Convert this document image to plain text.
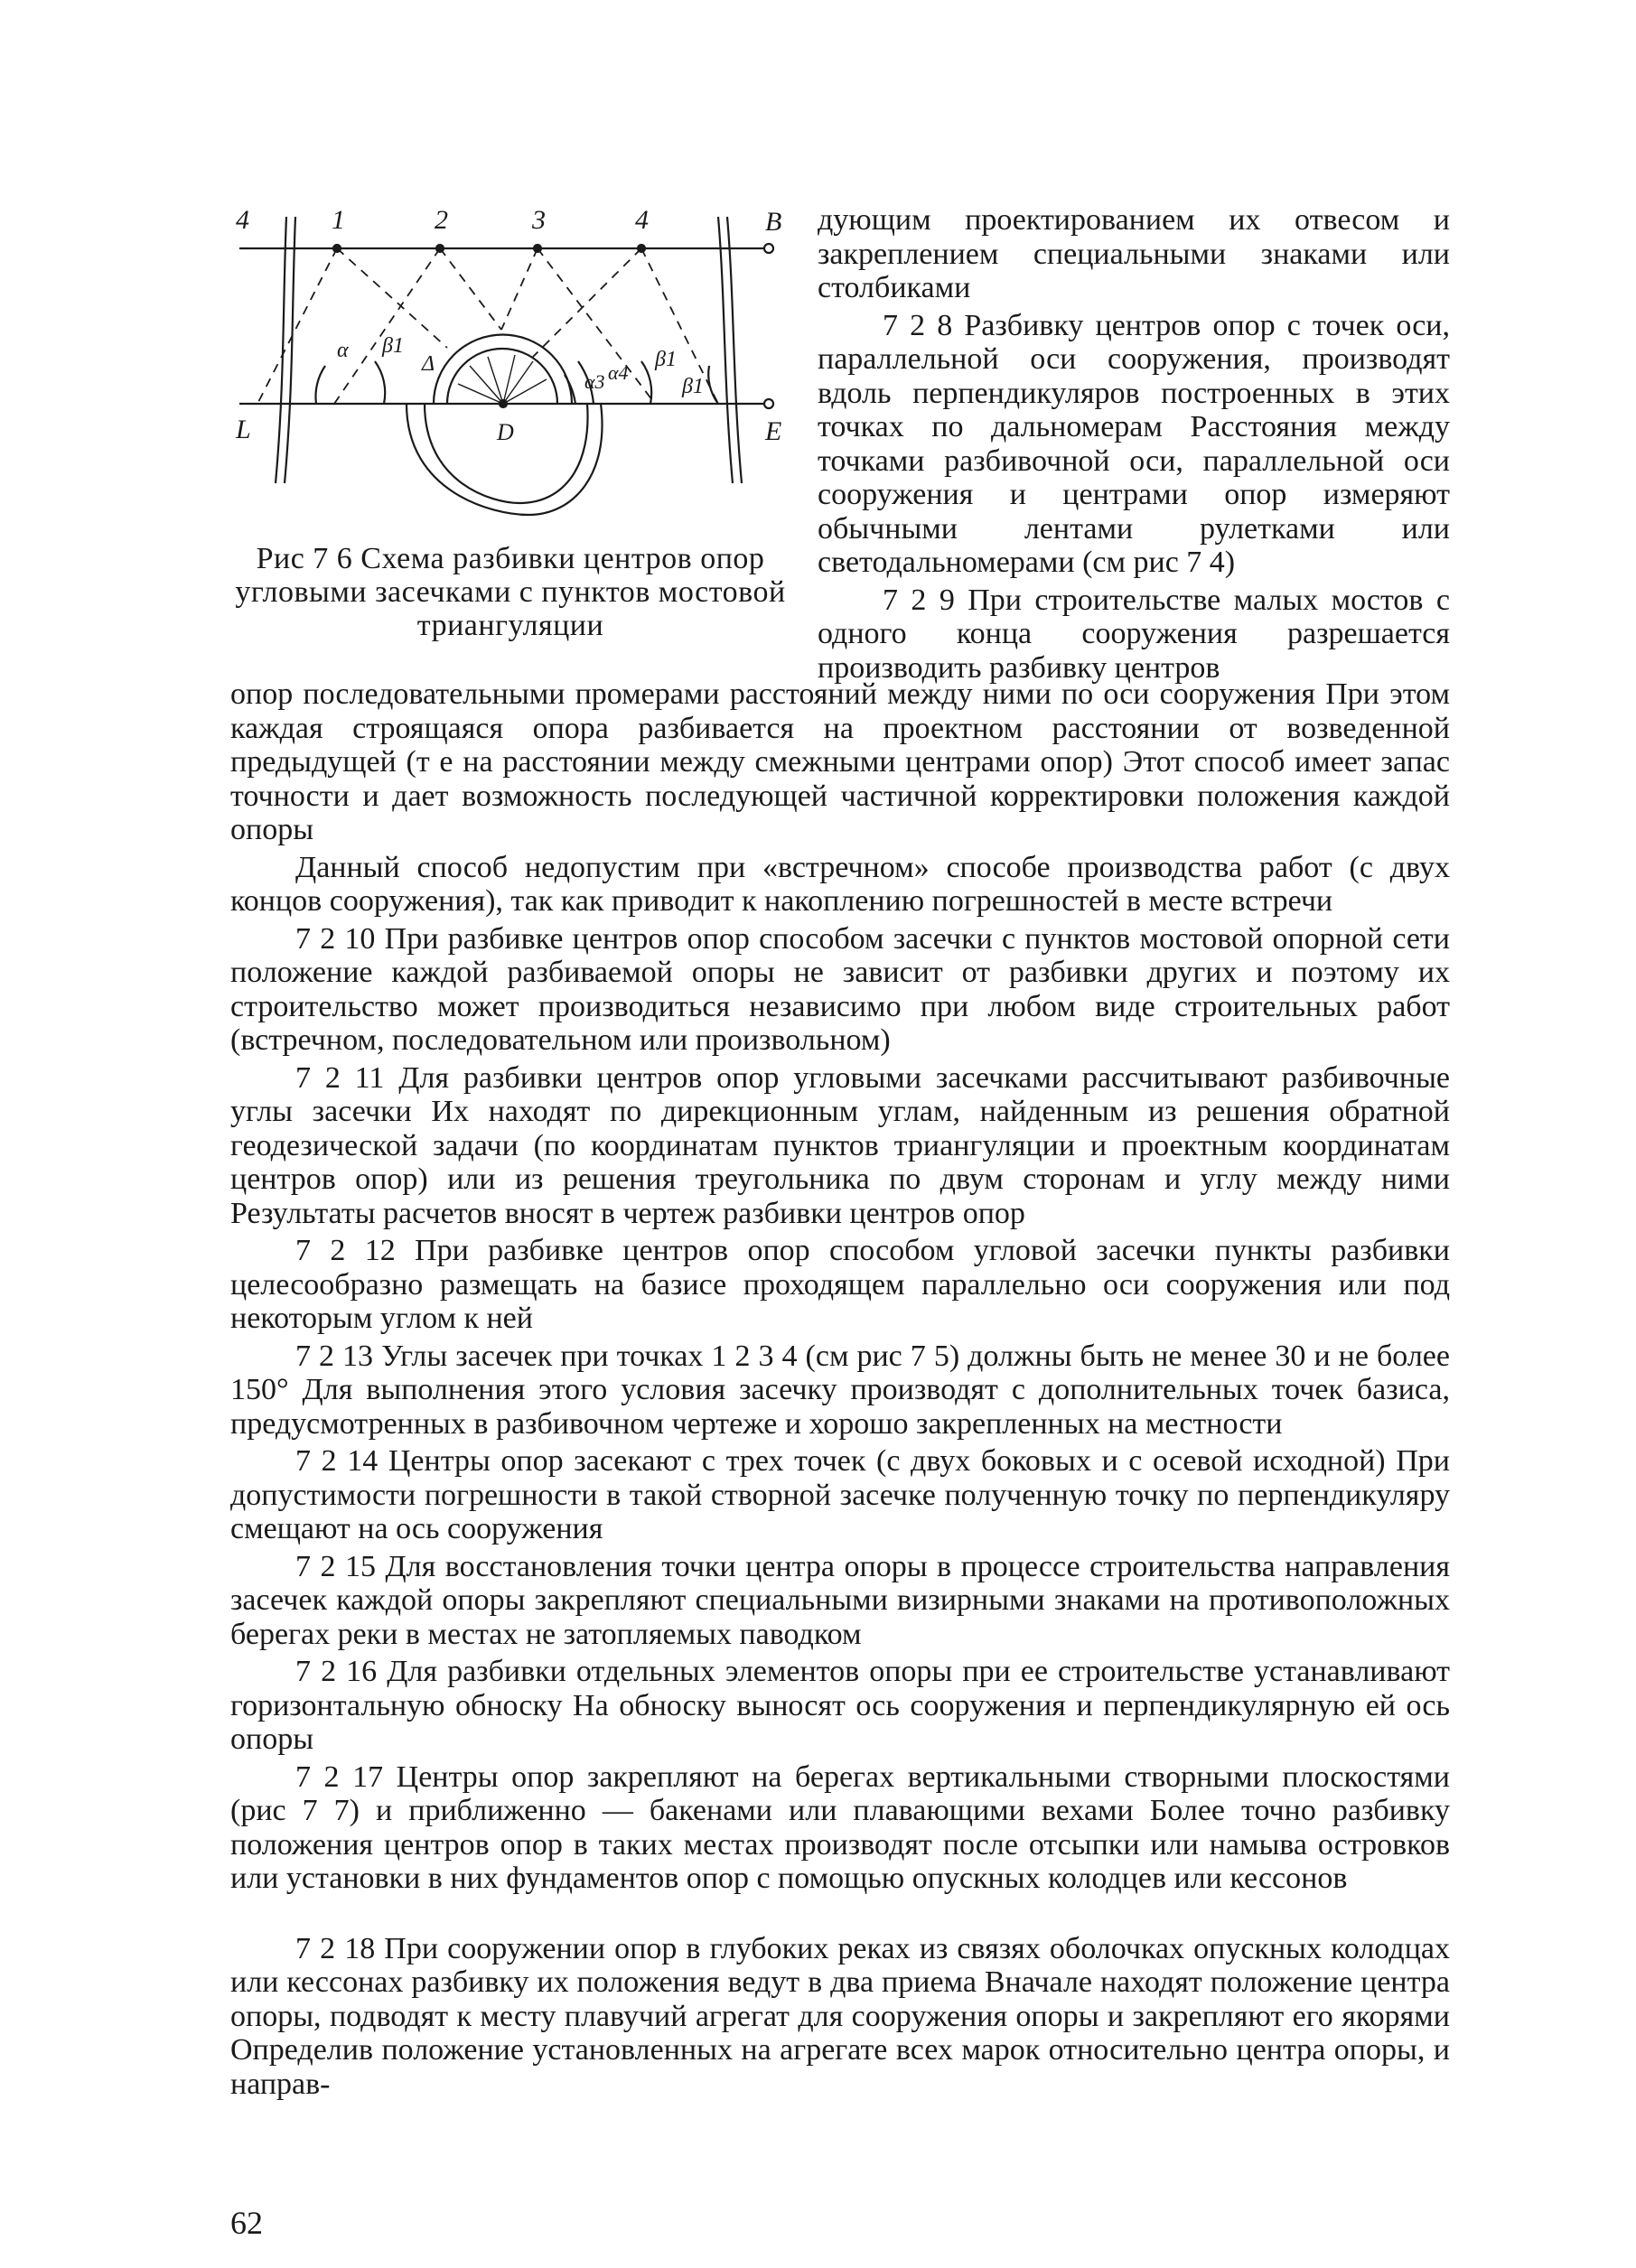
4	1	2	3	4	B
L	E
D
α β1
Δ
α3 α4
β1
β1
Рис 7 6 Схема разбивки центров опор угловыми засечками с пунктов мостовой триангуляции

дующим проектированием их отвесом и закреплением специальными знаками или столбиками

7 2 8 Разбивку центров опор с точек оси, параллельной оси сооружения, производят вдоль перпендикуляров построенных в этих точках по дальномерам Расстояния между точками разбивочной оси, параллельной оси сооружения и центрами опор измеряют обычными лентами рулетками или светодальномерами (см рис 7 4)

7 2 9 При строительстве малых мостов с одного конца сооружения разрешается производить разбивку центров

опор последовательными промерами расстояний между ними по оси сооружения При этом каждая строящаяся опора разбивается на проектном расстоянии от возведенной предыдущей (т е на расстоянии между смежными центрами опор) Этот способ имеет запас точности и дает возможность последующей частичной корректировки положения каждой опоры

Данный способ недопустим при «встречном» способе производства работ (с двух концов сооружения), так как приводит к накоплению погрешностей в месте встречи

7 2 10 При разбивке центров опор способом засечки с пунктов мостовой опорной сети положение каждой разбиваемой опоры не зависит от разбивки других и поэтому их строительство может производиться независимо при любом виде строительных работ (встречном, последовательном или произвольном)

7 2 11 Для разбивки центров опор угловыми засечками рассчитывают разбивочные углы засечки Их находят по дирекционным углам, найденным из решения обратной геодезической задачи (по координатам пунктов триангуляции и проектным координатам центров опор) или из решения треугольника по двум сторонам и углу между ними Результаты расчетов вносят в чертеж разбивки центров опор

7 2 12 При разбивке центров опор способом угловой засечки пункты разбивки целесообразно размещать на базисе проходящем параллельно оси сооружения или под некоторым углом к ней

7 2 13 Углы засечек при точках 1 2 3 4 (см рис 7 5) должны быть не менее 30 и не более 150° Для выполнения этого условия засечку производят с дополнительных точек базиса, предусмотренных в разбивочном чертеже и хорошо закрепленных на местности

7 2 14 Центры опор засекают с трех точек (с двух боковых и с осевой исходной) При допустимости погрешности в такой створной засечке полученную точку по перпендикуляру смещают на ось сооружения

7 2 15 Для восстановления точки центра опоры в процессе строительства направления засечек каждой опоры закрепляют специальными визирными знаками на противоположных берегах реки в местах не затопляемых паводком

7 2 16 Для разбивки отдельных элементов опоры при ее строительстве устанавливают горизонтальную обноску На обноску выносят ось сооружения и перпендикулярную ей ось опоры

7 2 17 Центры опор закрепляют на берегах вертикальными створными плоскостями (рис 7 7) и приближенно — бакенами или плавающими вехами Более точно разбивку положения центров опор в таких местах производят после отсыпки или намыва островков или установки в них фундаментов опор с помощью опускных колодцев или кессонов

7 2 18 При сооружении опор в глубоких реках из связях оболочках опускных колодцах или кессонах разбивку их положения ведут в два приема Вначале находят положение центра опоры, подводят к месту плавучий агрегат для сооружения опоры и закрепляют его якорями Определив положение установленных на агрегате всех марок относительно центра опоры, и направ-

62
